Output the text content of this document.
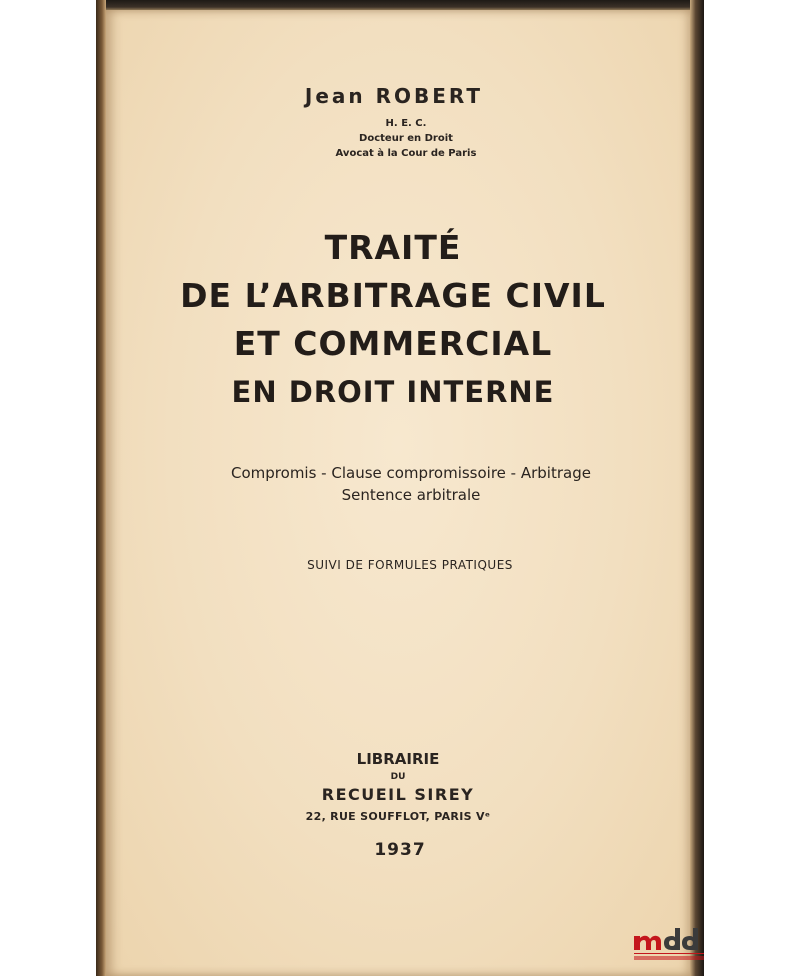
Jean ROBERT
H. E. C.
Docteur en Droit
Avocat à la Cour de Paris
TRAITÉ
DE L’ARBITRAGE CIVIL
ET COMMERCIAL
EN DROIT INTERNE
Compromis - Clause compromissoire - Arbitrage
Sentence arbitrale
SUIVI DE FORMULES PRATIQUES
LIBRAIRIE
DU
RECUEIL SIREY
22, RUE SOUFFLOT, PARIS Vᵉ
1937
